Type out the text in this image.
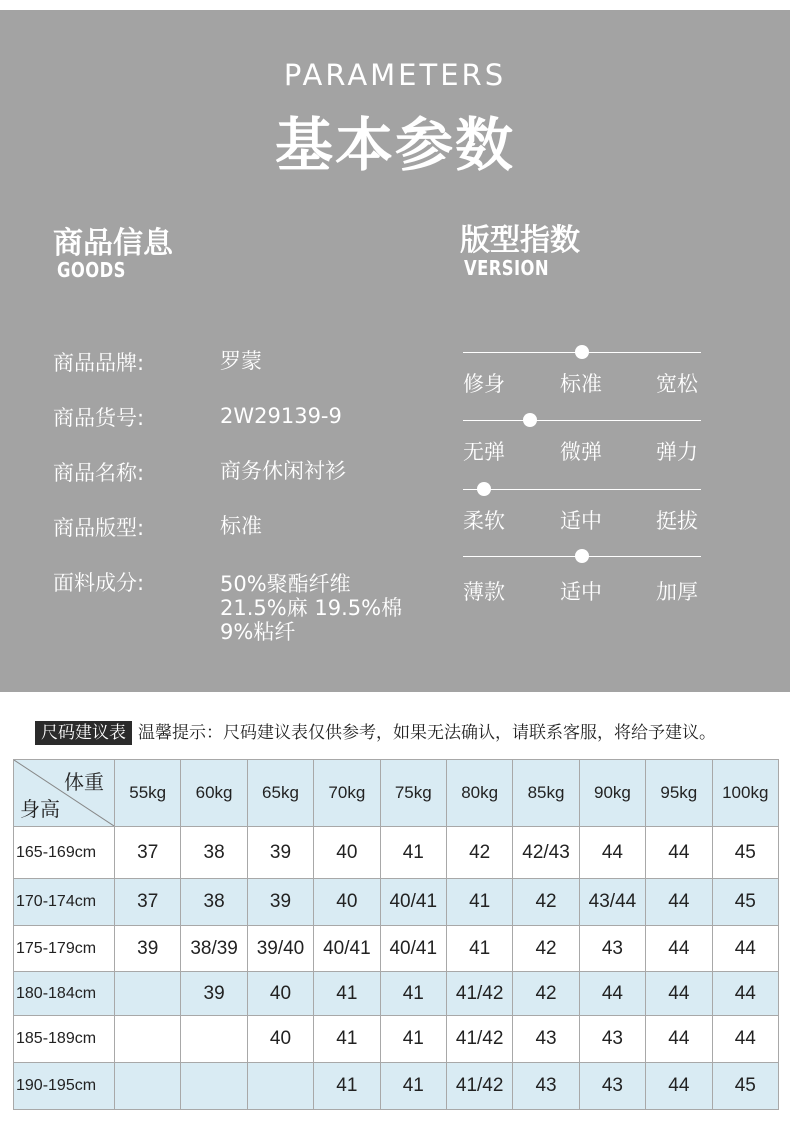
PARAMETERS
基本参数
商品信息
GOODS
商品品牌:	罗蒙
商品货号:	2W29139-9
商品名称:	商务休闲衬衫
商品版型:	标准
面料成分:	50%聚酯纤维
21.5%麻 19.5%棉
9%粘纤
版型指数
VERSION
修身	标准	宽松
无弹	微弹	弹力
柔软	适中	挺拔
薄款	适中	加厚
尺码建议表 温馨提示：尺码建议表仅供参考，如果无法确认，请联系客服，将给予建议。
体重
身高	55kg	60kg	65kg	70kg	75kg	80kg	85kg	90kg	95kg	100kg
165-169cm	37	38	39	40	41	42	42/43	44	44	45
170-174cm	37	38	39	40	40/41	41	42	43/44	44	45
175-179cm	39	38/39	39/40	40/41	40/41	41	42	43	44	44
180-184cm		39	40	41	41	41/42	42	44	44	44
185-189cm			40	41	41	41/42	43	43	44	44
190-195cm				41	41	41/42	43	43	44	45
